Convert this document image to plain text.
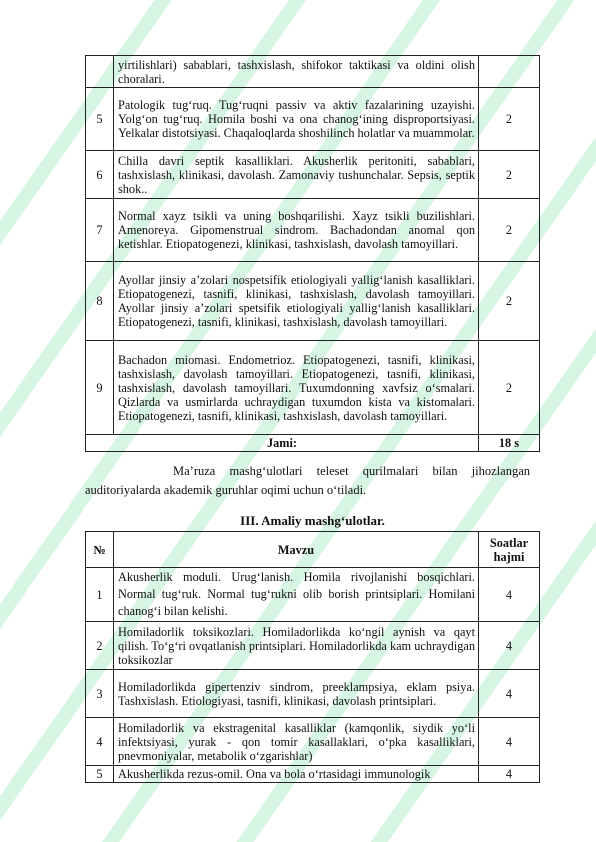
	yirtilishlari) sabablari, tashxislash, shifokor taktikasi va oldini olish choralari.	
5	Patologik tug‘ruq. Tug‘ruqni passiv va aktiv fazalarining uzayishi. Yolg‘on tug‘ruq. Homila boshi va ona chanog‘ining disproportsiyasi. Yelkalar distotsiyasi. Chaqaloqlarda shoshilinch holatlar va muammolar.	2
6	Chilla davri septik kasalliklari. Akusherlik peritoniti, sabablari, tashxislash, klinikasi, davolash. Zamonaviy tushunchalar. Sepsis, septik shok..	2
7	Normal xayz tsikli va uning boshqarilishi. Xayz tsikli buzilishlari. Amenoreya. Gipomenstrual sindrom. Bachadondan anomal qon ketishlar. Etiopatogenezi, klinikasi, tashxislash, davolash tamoyillari.	2
8	Ayollar jinsiy a’zolari nospetsifik etiologiyali yallig‘lanish kasalliklari. Etiopatogenezi, tasnifi, klinikasi, tashxislash, davolash tamoyillari. Ayollar jinsiy a’zolari spetsifik etiologiyali yallig‘lanish kasalliklari. Etiopatogenezi, tasnifi, klinikasi, tashxislash, davolash tamoyillari.	2
9	Bachadon miomasi. Endometrioz. Etiopatogenezi, tasnifi, klinikasi, tashxislash, davolash tamoyillari. Etiopatogenezi, tasnifi, klinikasi, tashxislash, davolash tamoyillari. Tuxumdonning xavfsiz o‘smalari. Qizlarda va usmirlarda uchraydigan tuxumdon kista va kistomalari. Etiopatogenezi, tasnifi, klinikasi, tashxislash, davolash tamoyillari.	2
Jami:		18 s
Ma’ruza mashg‘ulotlari teleset qurilmalari bilan jihozlangan auditoriyalarda akademik guruhlar oqimi uchun o‘tiladi.
III. Amaliy mashg‘ulotlar.
№	Mavzu	Soatlar hajmi
1	Akusherlik moduli. Urug‘lanish. Homila rivojlanishi bosqichlari. Normal tug‘ruk. Normal tug‘rukni olib borish printsiplari. Homilani chanog‘i bilan kelishi.	4
2	Homiladorlik toksikozlari. Homiladorlikda ko‘ngil aynish va qayt qilish. To‘g‘ri ovqatlanish printsiplari. Homiladorlikda kam uchraydigan toksikozlar	4
3	Homiladorlikda gipertenziv sindrom, preeklampsiya, eklam psiya. Tashxislash. Etiologiyasi, tasnifi, klinikasi, davolash printsiplari.	4
4	Homiladorlik va ekstragenital kasalliklar (kamqonlik, siydik yo‘li infektsiyasi, yurak - qon tomir kasallaklari, o‘pka kasalliklari, pnevmoniyalar, metabolik o‘zgarishlar)	4
5	Akusherlikda rezus-omil. Ona va bola o‘rtasidagi immunologik	4
